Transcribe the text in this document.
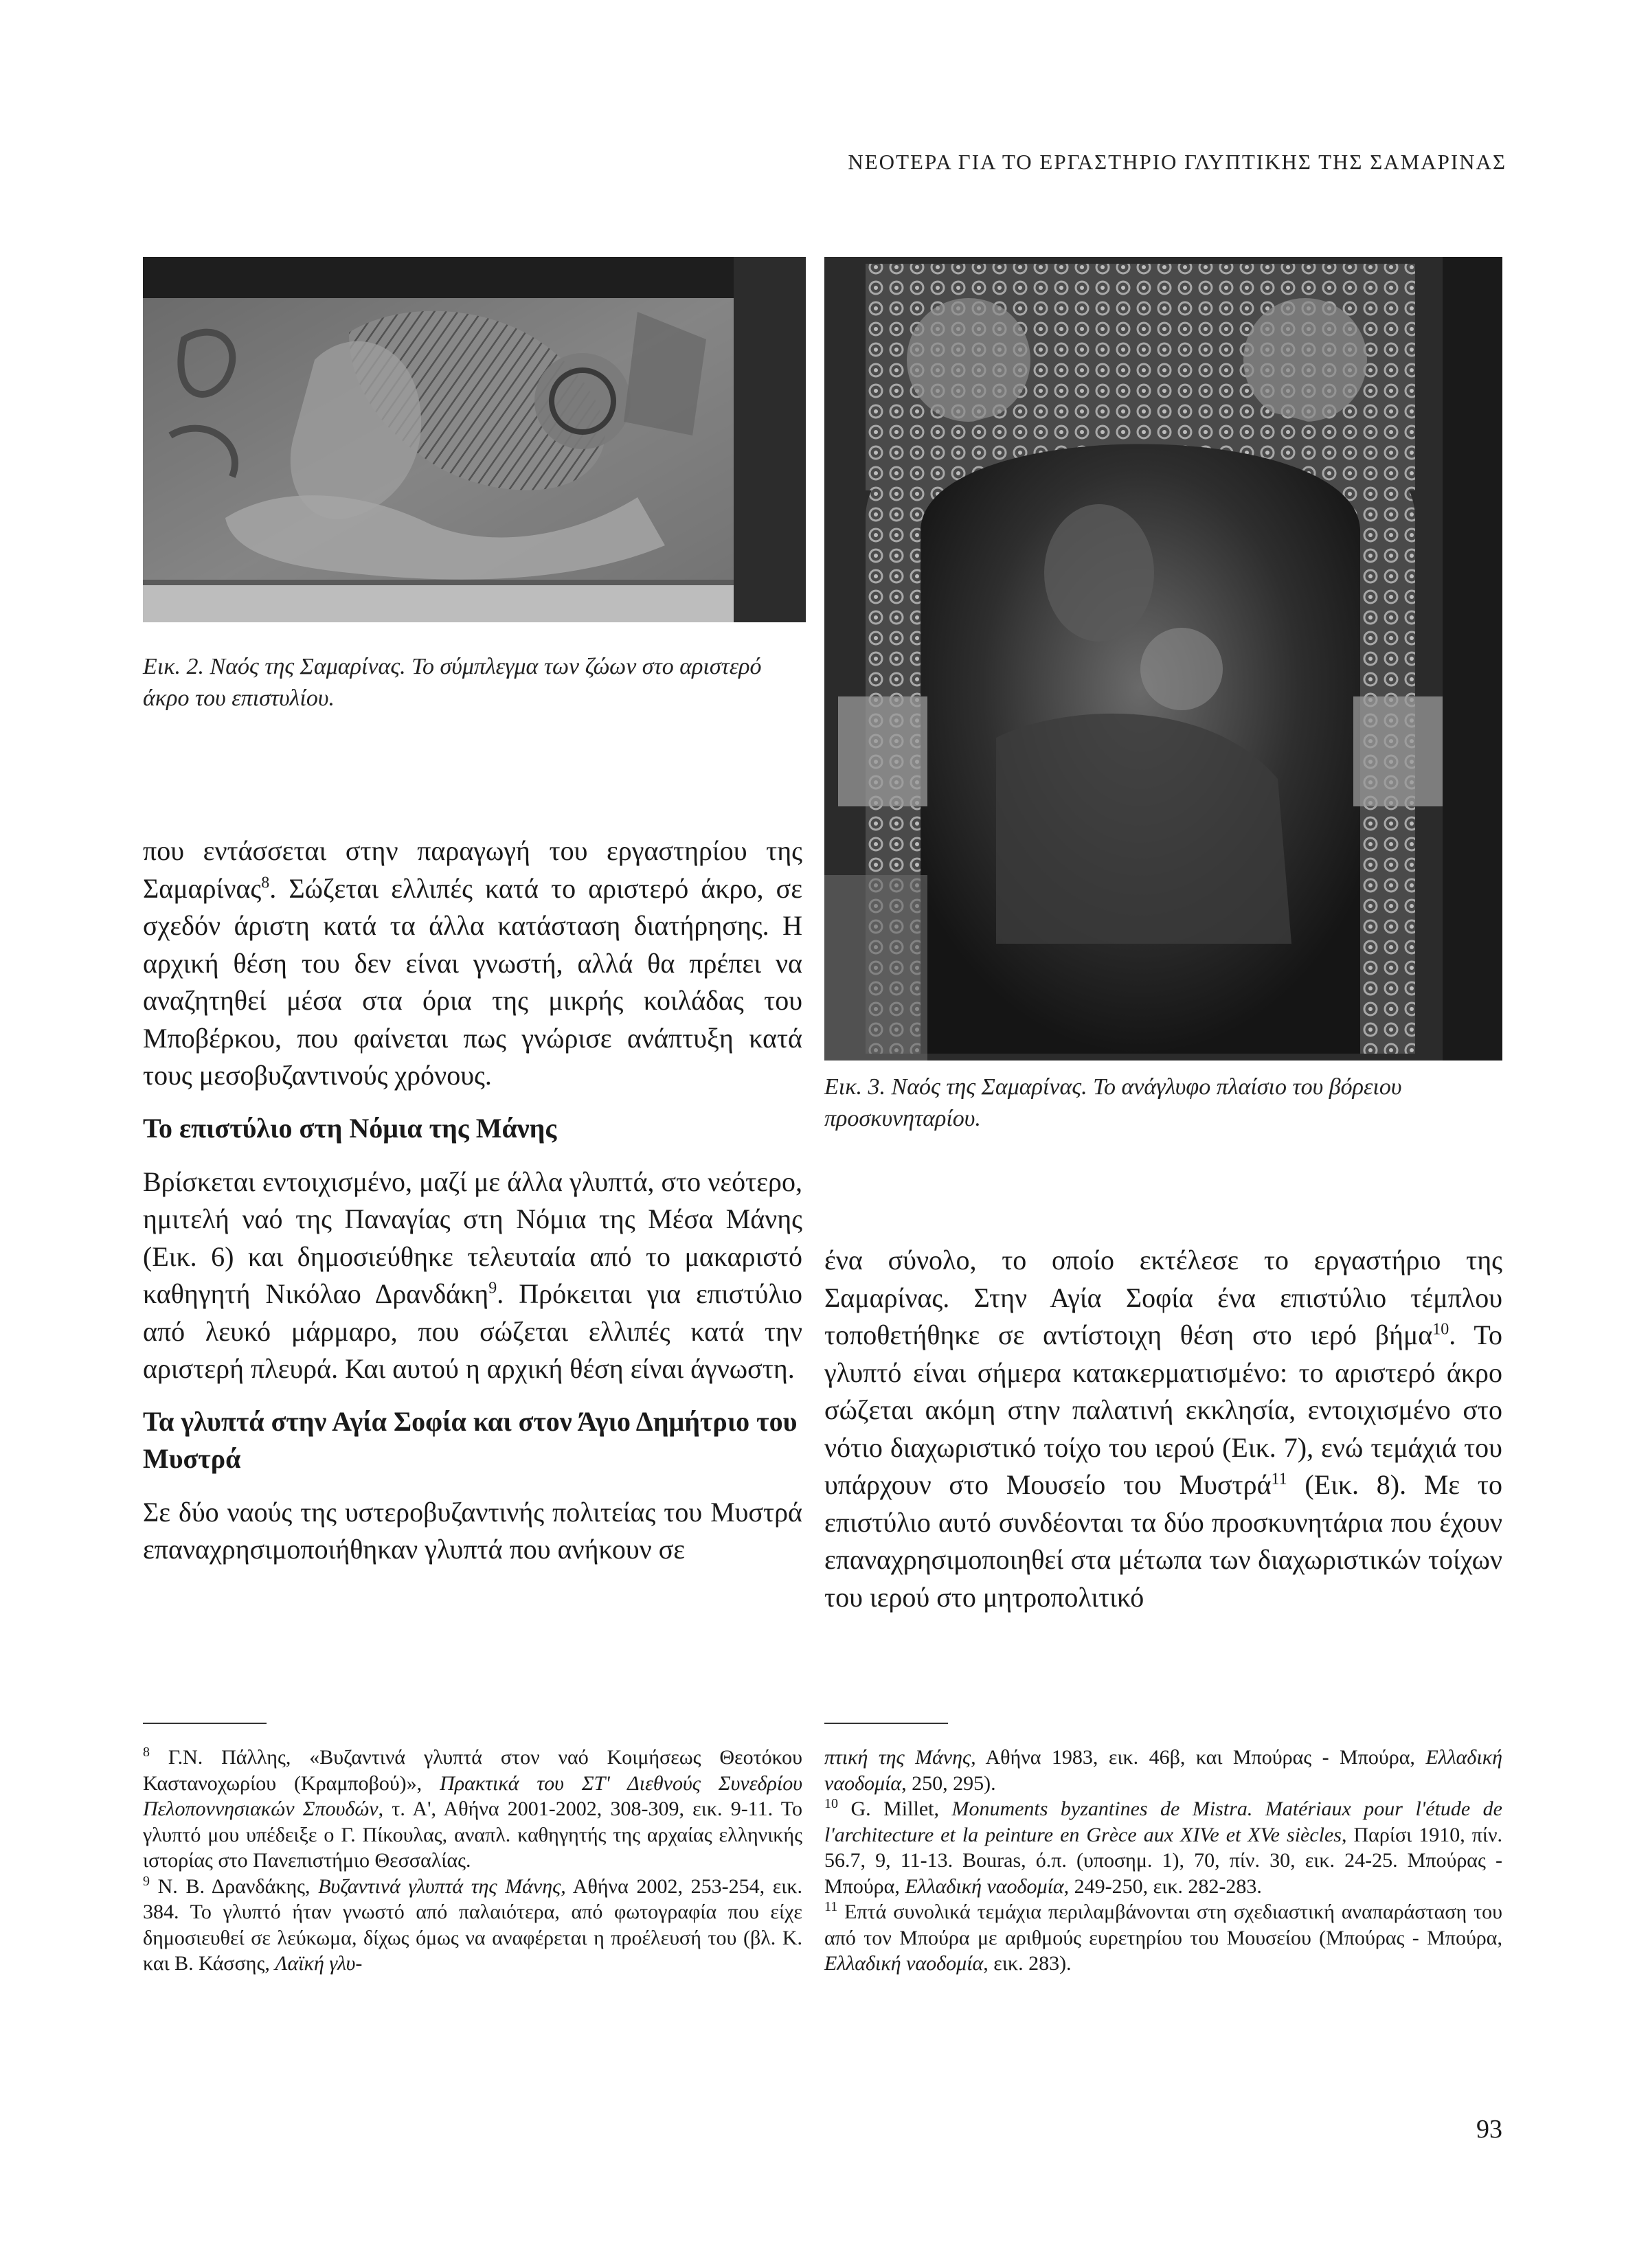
ΝΕΟΤΕΡΑ ΓΙΑ ΤΟ ΕΡΓΑΣΤΗΡΙΟ ΓΛΥΠΤΙΚΗΣ ΤΗΣ ΣΑΜΑΡΙΝΑΣ
Εικ. 2. Ναός της Σαμαρίνας. Το σύμπλεγμα των ζώων στο αριστερό άκρο του επιστυλίου.
Εικ. 3. Ναός της Σαμαρίνας. Το ανάγλυφο πλαίσιο του βόρειου προσκυνηταρίου.

που εντάσσεται στην παραγωγή του εργαστηρίου της Σαμαρίνας$^8$. Σώζεται ελλιπές κατά το αριστερό άκρο, σε σχεδόν άριστη κατά τα άλλα κατάσταση διατήρησης. Η αρχική θέση του δεν είναι γνωστή, αλλά θα πρέπει να αναζητηθεί μέσα στα όρια της μικρής κοιλάδας του Μποβέρκου, που φαίνεται πως γνώρισε ανάπτυξη κατά τους μεσοβυζαντινούς χρόνους.

Το επιστύλιο στη Νόμια της Μάνης

Βρίσκεται εντοιχισμένο, μαζί με άλλα γλυπτά, στο νεότερο, ημιτελή ναό της Παναγίας στη Νόμια της Μέσα Μάνης (Εικ. 6) και δημοσιεύθηκε τελευταία από το μακαριστό καθηγητή Νικόλαο Δρανδάκη$^9$. Πρόκειται για επιστύλιο από λευκό μάρμαρο, που σώζεται ελλιπές κατά την αριστερή πλευρά. Και αυτού η αρχική θέση είναι άγνωστη.

Τα γλυπτά στην Αγία Σοφία και στον Άγιο Δημήτριο του Μυστρά

Σε δύο ναούς της υστεροβυζαντινής πολιτείας του Μυστρά επαναχρησιμοποιήθηκαν γλυπτά που ανήκουν σε

ένα σύνολο, το οποίο εκτέλεσε το εργαστήριο της Σαμαρίνας. Στην Αγία Σοφία ένα επιστύλιο τέμπλου τοποθετήθηκε σε αντίστοιχη θέση στο ιερό βήμα$^{10}$. Το γλυπτό είναι σήμερα κατακερματισμένο: το αριστερό άκρο σώζεται ακόμη στην παλατινή εκκλησία, εντοιχισμένο στο νότιο διαχωριστικό τοίχο του ιερού (Εικ. 7), ενώ τεμάχιά του υπάρχουν στο Μουσείο του Μυστρά$^{11}$ (Εικ. 8). Με το επιστύλιο αυτό συνδέονται τα δύο προσκυνητάρια που έχουν επαναχρησιμοποιηθεί στα μέτωπα των διαχωριστικών τοίχων του ιερού στο μητροπολιτικό

$^8$ Γ.Ν. Πάλλης, «Βυζαντινά γλυπτά στον ναό Κοιμήσεως Θεοτόκου Καστανοχωρίου (Κραμποβού)», Πρακτικά του ΣΤ' Διεθνούς Συνεδρίου Πελοποννησιακών Σπουδών, τ. Α', Αθήνα 2001-2002, 308-309, εικ. 9-11. Το γλυπτό μου υπέδειξε ο Γ. Πίκουλας, αναπλ. καθηγητής της αρχαίας ελληνικής ιστορίας στο Πανεπιστήμιο Θεσσαλίας.

$^9$ Ν. Β. Δρανδάκης, Βυζαντινά γλυπτά της Μάνης, Αθήνα 2002, 253-254, εικ. 384. Το γλυπτό ήταν γνωστό από παλαιότερα, από φωτογραφία που είχε δημοσιευθεί σε λεύκωμα, δίχως όμως να αναφέρεται η προέλευσή του (βλ. Κ. και Β. Κάσσης, Λαϊκή γλυ-

πτική της Μάνης, Αθήνα 1983, εικ. 46β, και Μπούρας - Μπούρα, Ελλαδική ναοδομία, 250, 295).

$^{10}$ G. Millet, Monuments byzantines de Mistra. Matériaux pour l'étude de l'architecture et la peinture en Grèce aux XIVe et XVe siècles, Παρίσι 1910, πίν. 56.7, 9, 11-13. Bouras, ό.π. (υποσημ. 1), 70, πίν. 30, εικ. 24-25. Μπούρας - Μπούρα, Ελλαδική ναοδομία, 249-250, εικ. 282-283.

$^{11}$ Επτά συνολικά τεμάχια περιλαμβάνονται στη σχεδιαστική αναπαράσταση του από τον Μπούρα με αριθμούς ευρετηρίου του Μουσείου (Μπούρας - Μπούρα, Ελλαδική ναοδομία, εικ. 283).

93
